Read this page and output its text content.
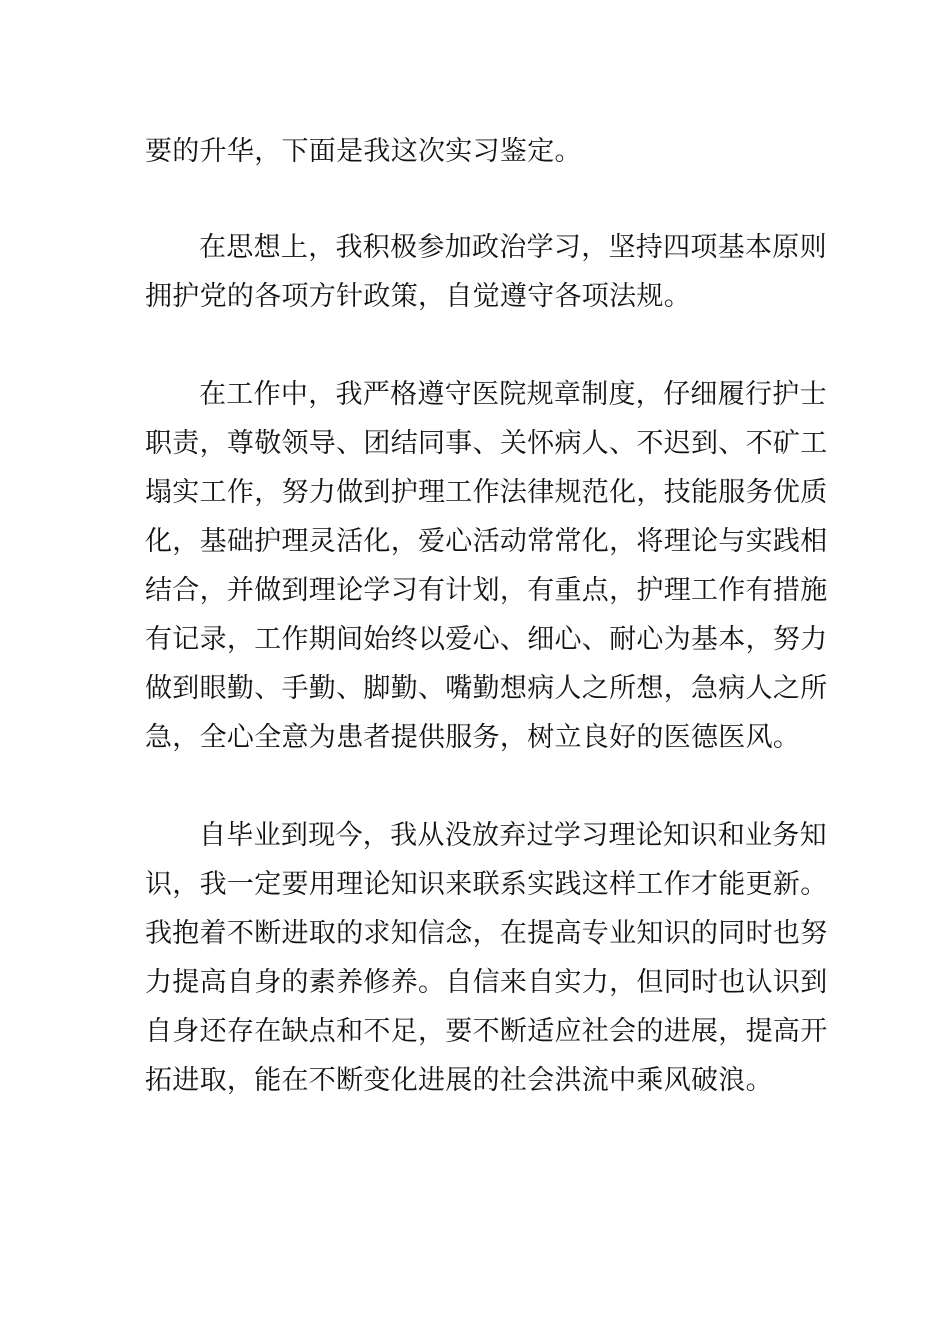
要的升华，下面是我这次实习鉴定。

在思想上，我积极参加政治学习，坚持四项基本原则

拥护党的各项方针政策，自觉遵守各项法规。

在工作中，我严格遵守医院规章制度，仔细履行护士

职责，尊敬领导、团结同事、关怀病人、不迟到、不矿工

塌实工作，努力做到护理工作法律规范化，技能服务优质

化，基础护理灵活化，爱心活动常常化，将理论与实践相

结合，并做到理论学习有计划，有重点，护理工作有措施

有记录，工作期间始终以爱心、细心、耐心为基本，努力

做到眼勤、手勤、脚勤、嘴勤想病人之所想，急病人之所

急，全心全意为患者提供服务，树立良好的医德医风。

自毕业到现今，我从没放弃过学习理论知识和业务知

识，我一定要用理论知识来联系实践这样工作才能更新。

我抱着不断进取的求知信念，在提高专业知识的同时也努

力提高自身的素养修养。自信来自实力，但同时也认识到

自身还存在缺点和不足，要不断适应社会的进展，提高开

拓进取，能在不断变化进展的社会洪流中乘风破浪。
